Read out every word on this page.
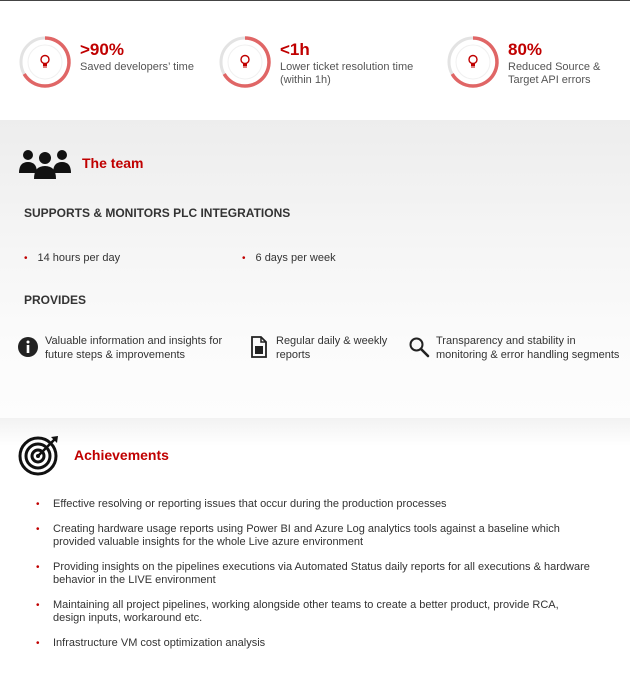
>90%
Saved developers’ time
<1h
Lower ticket resolution time
(within 1h)
80%
Reduced Source &
Target API errors
The team
SUPPORTS & MONITORS PLC INTEGRATIONS
• 14 hours per day	• 6 days per week
PROVIDES
Valuable information and insights for
future steps & improvements
Regular daily & weekly
reports
Transparency and stability in
monitoring & error handling segments
Achievements
• Effective resolving or reporting issues that occur during the production processes
• Creating hardware usage reports using Power BI and Azure Log analytics tools against a baseline which
provided valuable insights for the whole Live azure environment
• Providing insights on the pipelines executions via Automated Status daily reports for all executions & hardware
behavior in the LIVE environment
• Maintaining all project pipelines, working alongside other teams to create a better product, provide RCA,
design inputs, workaround etc.
• Infrastructure VM cost optimization analysis
